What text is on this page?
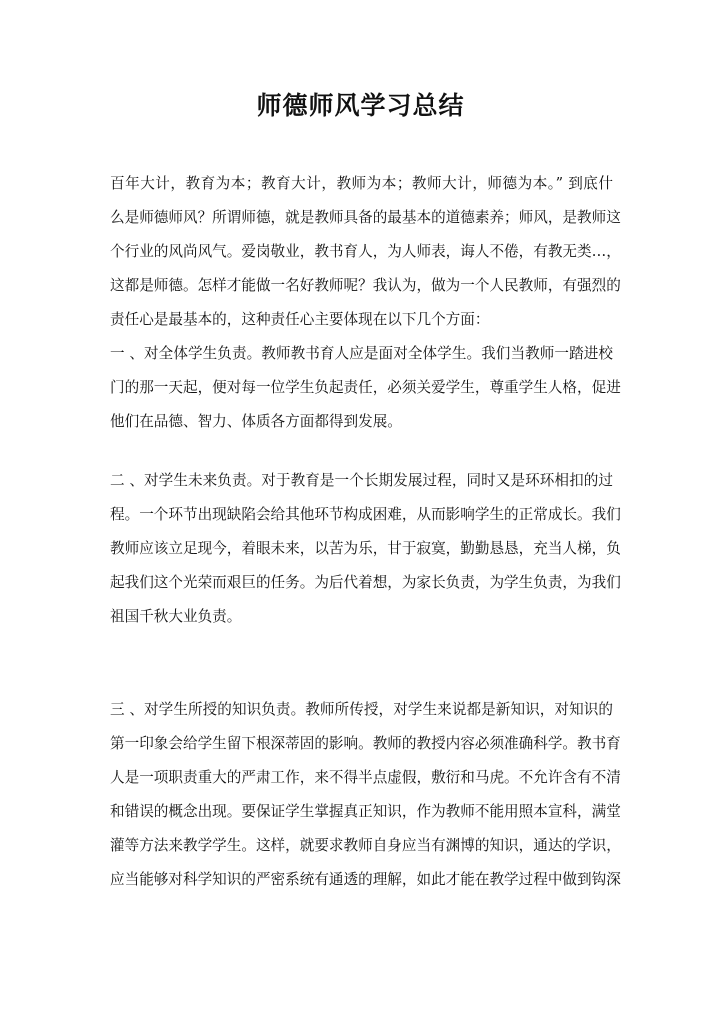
师德师风学习总结
百年大计，教育为本；教育大计，教师为本；教师大计，师德为本。” 到底什
么是师德师风？所谓师德，就是教师具备的最基本的道德素养；师风，是教师这
个行业的风尚风气。爱岗敬业，教书育人，为人师表，诲人不倦，有教无类…，
这都是师德。怎样才能做一名好教师呢？我认为，做为一个人民教师，有强烈的
责任心是最基本的，这种责任心主要体现在以下几个方面：
一 、对全体学生负责。教师教书育人应是面对全体学生。我们当教师一踏进校
门的那一天起，便对每一位学生负起责任，必须关爱学生，尊重学生人格，促进
他们在品德、智力、体质各方面都得到发展。
二 、对学生未来负责。对于教育是一个长期发展过程，同时又是环环相扣的过
程。一个环节出现缺陷会给其他环节构成困难，从而影响学生的正常成长。我们
教师应该立足现今，着眼未来，以苦为乐，甘于寂寞，勤勤恳恳，充当人梯，负
起我们这个光荣而艰巨的任务。为后代着想，为家长负责，为学生负责，为我们
祖国千秋大业负责。
三 、对学生所授的知识负责。教师所传授，对学生来说都是新知识，对知识的
第一印象会给学生留下根深蒂固的影响。教师的教授内容必须准确科学。教书育
人是一项职责重大的严肃工作，来不得半点虚假，敷衍和马虎。不允许含有不清
和错误的概念出现。要保证学生掌握真正知识，作为教师不能用照本宣科，满堂
灌等方法来教学学生。这样，就要求教师自身应当有渊博的知识，通达的学识，
应当能够对科学知识的严密系统有通透的理解，如此才能在教学过程中做到钩深
